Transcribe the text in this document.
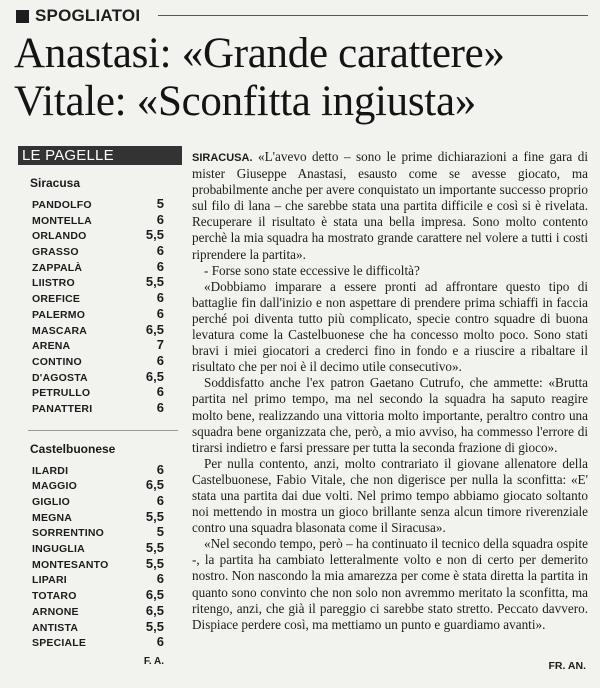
SPOGLIATOI
Anastasi: «Grande carattere»
Vitale: «Sconfitta ingiusta»
LE PAGELLE
Siracusa
PANDOLFO	5
MONTELLA	6
ORLANDO	5,5
GRASSO	6
ZAPPALÀ	6
LIISTRO	5,5
OREFICE	6
PALERMO	6
MASCARA	6,5
ARENA	7
CONTINO	6
D'AGOSTA	6,5
PETRULLO	6
PANATTERI	6
Castelbuonese
ILARDI	6
MAGGIO	6,5
GIGLIO	6
MEGNA	5,5
SORRENTINO	5
INGUGLIA	5,5
MONTESANTO	5,5
LIPARI	6
TOTARO	6,5
ARNONE	6,5
ANTISTA	5,5
SPECIALE	6
F. A.

SIRACUSA. «L'avevo detto – sono le prime dichiarazioni a fine gara di mister Giuseppe Anastasi, esausto come se avesse giocato, ma probabilmente anche per avere conquistato un importante successo proprio sul filo di lana – che sarebbe stata una partita difficile e così si è rivelata. Recuperare il risultato è stata una bella impresa. Sono molto contento perchè la mia squadra ha mostrato grande carattere nel volere a tutti i costi riprendere la partita».

- Forse sono state eccessive le difficoltà?

«Dobbiamo imparare a essere pronti ad affrontare questo tipo di battaglie fin dall'inizio e non aspettare di prendere prima schiaffi in faccia perché poi diventa tutto più complicato, specie contro squadre di buona levatura come la Castelbuonese che ha concesso molto poco. Sono stati bravi i miei giocatori a crederci fino in fondo e a riuscire a ribaltare il risultato che per noi è il decimo utile consecutivo».

Soddisfatto anche l'ex patron Gaetano Cutrufo, che ammette: «Brutta partita nel primo tempo, ma nel secondo la squadra ha saputo reagire molto bene, realizzando una vittoria molto importante, peraltro contro una squadra bene organizzata che, però, a mio avviso, ha commesso l'errore di tirarsi indietro e farsi pressare per tutta la seconda frazione di gioco».

Per nulla contento, anzi, molto contrariato il giovane allenatore della Castelbuonese, Fabio Vitale, che non digerisce per nulla la sconfitta: «E' stata una partita dai due volti. Nel primo tempo abbiamo giocato soltanto noi mettendo in mostra un gioco brillante senza alcun timore riverenziale contro una squadra blasonata come il Siracusa».

«Nel secondo tempo, però – ha continuato il tecnico della squadra ospite -, la partita ha cambiato letteralmente volto e non di certo per demerito nostro. Non nascondo la mia amarezza per come è stata diretta la partita in quanto sono convinto che non solo non avremmo meritato la sconfitta, ma ritengo, anzi, che già il pareggio ci sarebbe stato stretto. Peccato davvero. Dispiace perdere così, ma mettiamo un punto e guardiamo avanti».

FR. AN.
